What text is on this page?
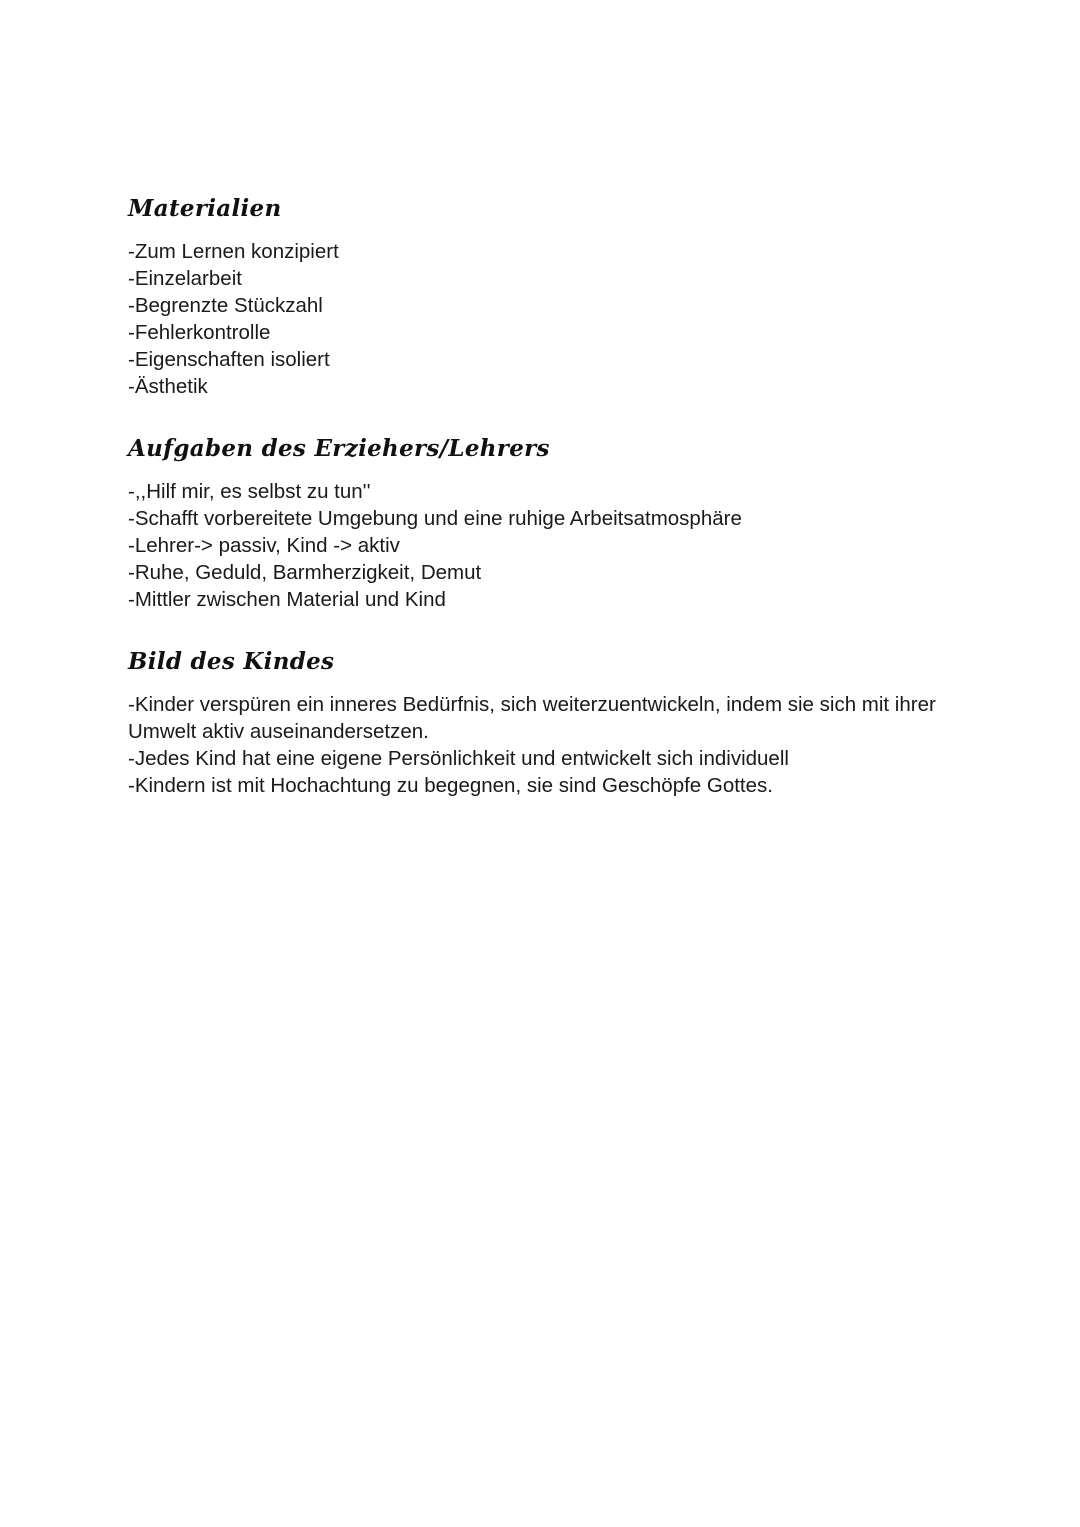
Materialien
-Zum Lernen konzipiert
-Einzelarbeit
-Begrenzte Stückzahl
-Fehlerkontrolle
-Eigenschaften isoliert
-Ästhetik
Aufgaben des Erziehers/Lehrers
-,,Hilf mir, es selbst zu tun''
-Schafft vorbereitete Umgebung und eine ruhige Arbeitsatmosphäre
-Lehrer-> passiv, Kind -> aktiv
-Ruhe, Geduld, Barmherzigkeit, Demut
-Mittler zwischen Material und Kind
Bild des Kindes
-Kinder verspüren ein inneres Bedürfnis, sich weiterzuentwickeln, indem sie sich mit ihrer Umwelt aktiv auseinandersetzen.
-Jedes Kind hat eine eigene Persönlichkeit und entwickelt sich individuell
-Kindern ist mit Hochachtung zu begegnen, sie sind Geschöpfe Gottes.
